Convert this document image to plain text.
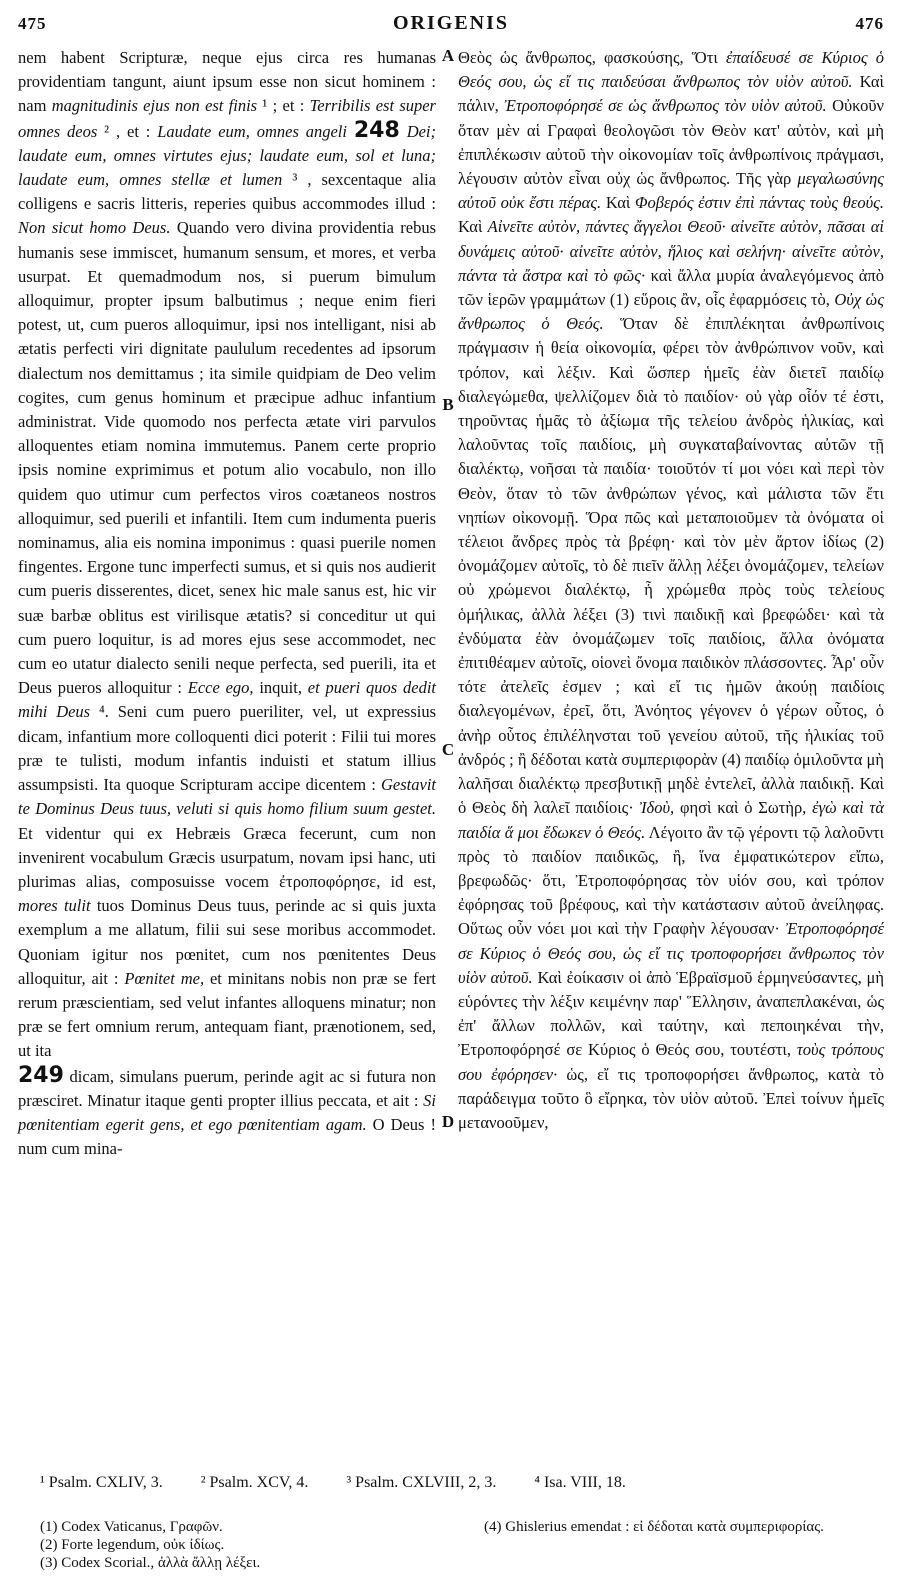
475	ORIGENIS	476
A
B
C
D

nem habent Scripturæ, neque ejus circa res humanas providentiam tangunt, aiunt ipsum esse non sicut hominem : nam magnitudinis ejus non est finis ¹ ; et : Terribilis est super omnes deos ² , et : Laudate eum, omnes angeli 248 Dei; laudate eum, omnes virtutes ejus; laudate eum, sol et luna; laudate eum, omnes stellæ et lumen ³ , sexcentaque alia colligens e sacris litteris, reperies quibus accommodes illud : Non sicut homo Deus. Quando vero divina providentia rebus humanis sese immiscet, humanum sensum, et mores, et verba usurpat. Et quemadmodum nos, si puerum bimulum alloquimur, propter ipsum balbutimus ; neque enim fieri potest, ut, cum pueros alloquimur, ipsi nos intelligant, nisi ab ætatis perfecti viri dignitate paululum recedentes ad ipsorum dialectum nos demittamus ; ita simile quidpiam de Deo velim cogites, cum genus hominum et præcipue adhuc infantium administrat. Vide quomodo nos perfecta ætate viri parvulos alloquentes etiam nomina immutemus. Panem certe proprio ipsis nomine exprimimus et potum alio vocabulo, non illo quidem quo utimur cum perfectos viros coætaneos nostros alloquimur, sed puerili et infantili. Item cum indumenta pueris nominamus, alia eis nomina imponimus : quasi puerile nomen fingentes. Ergone tunc imperfecti sumus, et si quis nos audierit cum pueris disserentes, dicet, senex hic male sanus est, hic vir suæ barbæ oblitus est virilisque ætatis? si conceditur ut qui cum puero loquitur, is ad mores ejus sese accommodet, nec cum eo utatur dialecto senili neque perfecta, sed puerili, ita et Deus pueros alloquitur : Ecce ego, inquit, et pueri quos dedit mihi Deus ⁴. Seni cum puero pueriliter, vel, ut expressius dicam, infantium more colloquenti dici poterit : Filii tui mores præ te tulisti, modum infantis induisti et statum illius assumpsisti. Ita quoque Scripturam accipe dicentem : Gestavit te Dominus Deus tuus, veluti si quis homo filium suum gestet. Et videntur qui ex Hebræis Græca fecerunt, cum non invenirent vocabulum Græcis usurpatum, novam ipsi hanc, uti plurimas alias, composuisse vocem ἐτροποφόρησε, id est, mores tulit tuos Dominus Deus tuus, perinde ac si quis juxta exemplum a me allatum, filii sui sese moribus accommodet. Quoniam igitur nos pœnitet, cum nos pœnitentes Deus alloquitur, ait : Pœnitet me, et minitans nobis non præ se fert rerum præscientiam, sed velut infantes alloquens minatur; non præ se fert omnium rerum, antequam fiant, prænotionem, sed, ut ita
249 dicam, simulans puerum, perinde agit ac si futura non præsciret. Minatur itaque genti propter illius peccata, et ait : Si pœnitentiam egerit gens, et ego pœnitentiam agam. O Deus ! num cum mina-

Θεὸς ὡς ἄνθρωπος, φασκούσης, Ὅτι ἐπαίδευσέ σε Κύριος ὁ Θεός σου, ὡς εἴ τις παιδεύσαι ἄνθρωπος τὸν υἱὸν αὐτοῦ. Καὶ πάλιν, Ἐτροποφόρησέ σε ὡς ἄνθρωπος τὸν υἱὸν αὐτοῦ. Οὐκοῦν ὅταν μὲν αἱ Γραφαὶ θεολογῶσι τὸν Θεὸν κατ' αὐτὸν, καὶ μὴ ἐπιπλέκωσιν αὐτοῦ τὴν οἰκονομίαν τοῖς ἀνθρωπίνοις πράγμασι, λέγουσιν αὐτὸν εἶναι οὐχ ὡς ἄνθρωπος. Τῆς γὰρ μεγαλωσύνης αὐτοῦ οὐκ ἔστι πέρας. Καὶ Φοβερός ἐστιν ἐπὶ πάντας τοὺς θεούς. Καὶ Αἰνεῖτε αὐτὸν, πάντες ἄγγελοι Θεοῦ· αἰνεῖτε αὐτὸν, πᾶσαι αἱ δυνάμεις αὐτοῦ· αἰνεῖτε αὐτὸν, ἥλιος καὶ σελήνη· αἰνεῖτε αὐτὸν, πάντα τὰ ἄστρα καὶ τὸ φῶς· καὶ ἄλλα μυρία ἀναλεγόμενος ἀπὸ τῶν ἱερῶν γραμμάτων (1) εὕροις ἂν, οἷς ἐφαρμόσεις τὸ, Οὐχ ὡς ἄνθρωπος ὁ Θεός. Ὅταν δὲ ἐπιπλέκηται ἀνθρωπίνοις πράγμασιν ἡ θεία οἰκονομία, φέρει τὸν ἀνθρώπινον νοῦν, καὶ τρόπον, καὶ λέξιν. Καὶ ὥσπερ ἡμεῖς ἐὰν διετεῖ παιδίῳ διαλεγώμεθα, ψελλίζομεν διὰ τὸ παιδίον· οὐ γὰρ οἷόν τέ ἐστι, τηροῦντας ἡμᾶς τὸ ἀξίωμα τῆς τελείου ἀνδρὸς ἡλικίας, καὶ λαλοῦντας τοῖς παιδίοις, μὴ συγκαταβαίνοντας αὐτῶν τῇ διαλέκτῳ, νοῆσαι τὰ παιδία· τοιοῦτόν τί μοι νόει καὶ περὶ τὸν Θεὸν, ὅταν τὸ τῶν ἀνθρώπων γένος, καὶ μάλιστα τῶν ἔτι νηπίων οἰκονομῇ. Ὅρα πῶς καὶ μεταποιοῦμεν τὰ ὀνόματα οἱ τέλειοι ἄνδρες πρὸς τὰ βρέφη· καὶ τὸν μὲν ἄρτον ἰδίως (2) ὀνομάζομεν αὐτοῖς, τὸ δὲ πιεῖν ἄλλῃ λέξει ὀνομάζομεν, τελείων οὐ χρώμενοι διαλέκτῳ, ἧ χρώμεθα πρὸς τοὺς τελείους ὁμήλικας, ἀλλὰ λέξει (3) τινὶ παιδικῇ καὶ βρεφώδει· καὶ τὰ ἐνδύματα ἐὰν ὀνομάζωμεν τοῖς παιδίοις, ἄλλα ὀνόματα ἐπιτιθέαμεν αὐτοῖς, οἱονεὶ ὄνομα παιδικὸν πλάσσοντες. Ἆρ' οὖν τότε ἀτελεῖς ἐσμεν ; καὶ εἴ τις ἡμῶν ἀκούῃ παιδίοις διαλεγομένων, ἐρεῖ, ὅτι, Ἀνόητος γέγονεν ὁ γέρων οὗτος, ὁ ἀνὴρ οὗτος ἐπιλέληνσται τοῦ γενείου αὐτοῦ, τῆς ἡλικίας τοῦ ἀνδρός ; ἢ δέδοται κατὰ συμπεριφορὰν (4) παιδίῳ ὁμιλοῦντα μὴ λαλῆσαι διαλέκτῳ πρεσβυτικῇ μηδὲ ἐντελεῖ, ἀλλὰ παιδικῇ. Καὶ ὁ Θεὸς δὴ λαλεῖ παιδίοις· Ἰδοὺ, φησὶ καὶ ὁ Σωτὴρ, ἐγὼ καὶ τὰ παιδία ἅ μοι ἔδωκεν ὁ Θεός. Λέγοιτο ἂν τῷ γέροντι τῷ λαλοῦντι πρὸς τὸ παιδίον παιδικῶς, ἢ, ἵνα ἐμφατικώτερον εἴπω, βρεφωδῶς· ὅτι, Ἐτροποφόρησας τὸν υἱόν σου, καὶ τρόπον ἐφόρησας τοῦ βρέφους, καὶ τὴν κατάστασιν αὐτοῦ ἀνείληφας. Οὕτως οὖν νόει μοι καὶ τὴν Γραφὴν λέγουσαν· Ἐτροποφόρησέ σε Κύριος ὁ Θεός σου, ὡς εἴ τις τροποφορήσει ἄνθρωπος τὸν υἱὸν αὐτοῦ. Καὶ ἐοίκασιν οἱ ἀπὸ Ἑβραϊσμοῦ ἑρμηνεύσαντες, μὴ εὑρόντες τὴν λέξιν κειμένην παρ' Ἕλλησιν, ἀναπεπλακέναι, ὡς ἐπ' ἄλλων πολλῶν, καὶ ταύτην, καὶ πεποιηκέναι τὴν, Ἐτροποφόρησέ σε Κύριος ὁ Θεός σου, τουτέστι, τοὺς τρόπους σου ἐφόρησεν· ὡς, εἴ τις τροποφορήσει ἄνθρωπος, κατὰ τὸ παράδειγμα τοῦτο ὃ εἴρηκα, τὸν υἱὸν αὐτοῦ. Ἐπεὶ τοίνυν ἡμεῖς μετανοοῦμεν,

¹ Psalm. CXLIV, 3. ² Psalm. XCV, 4. ³ Psalm. CXLVIII, 2, 3. ⁴ Isa. VIII, 18.
(1) Codex Vaticanus, Γραφῶν.
(2) Forte legendum, οὐκ ἰδίως.
(3) Codex Scorial., ἀλλὰ ἄλλῃ λέξει.
(4) Ghislerius emendat : εἰ δέδοται κατὰ συμπεριφορίας.
